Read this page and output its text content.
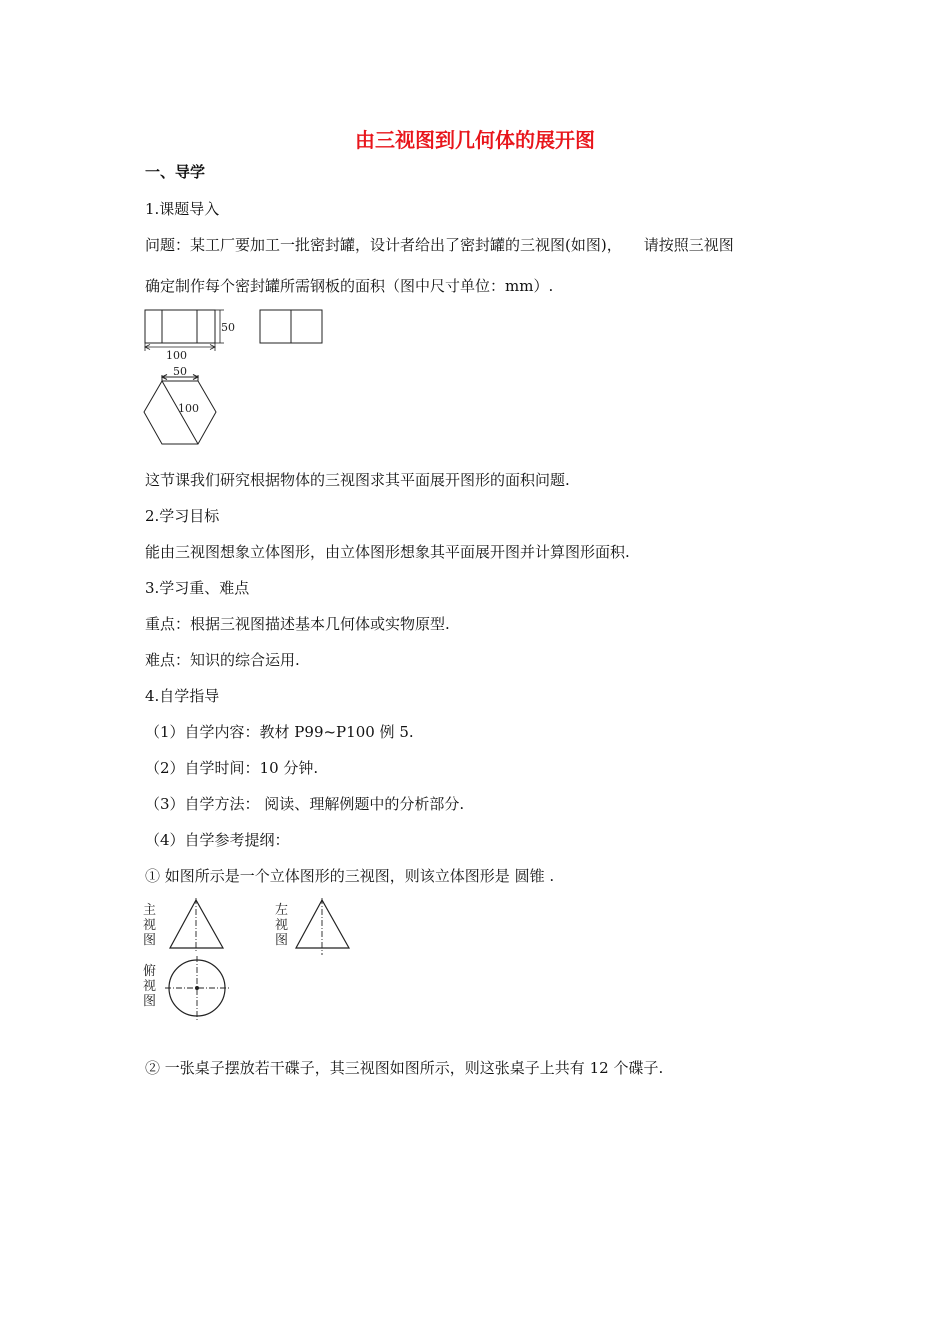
由三视图到几何体的展开图
一、导学
1.课题导入
问题：某工厂要加工一批密封罐，设计者给出了密封罐的三视图(如图)， 请按照三视图
确定制作每个密封罐所需钢板的面积（图中尺寸单位：mm）.
50
100
50
100
这节课我们研究根据物体的三视图求其平面展开图形的面积问题.
2.学习目标
能由三视图想象立体图形，由立体图形想象其平面展开图并计算图形面积.
3.学习重、难点
重点：根据三视图描述基本几何体或实物原型.
难点：知识的综合运用.
4.自学指导
（1）自学内容：教材 P99~P100 例 5.
（2）自学时间：10 分钟.
（3）自学方法： 阅读、理解例题中的分析部分.
（4）自学参考提纲：
① 如图所示是一个立体图形的三视图，则该立体图形是 圆锥 .
主
视
图
左
视
图
俯
视
图
② 一张桌子摆放若干碟子，其三视图如图所示，则这张桌子上共有 12 个碟子.
